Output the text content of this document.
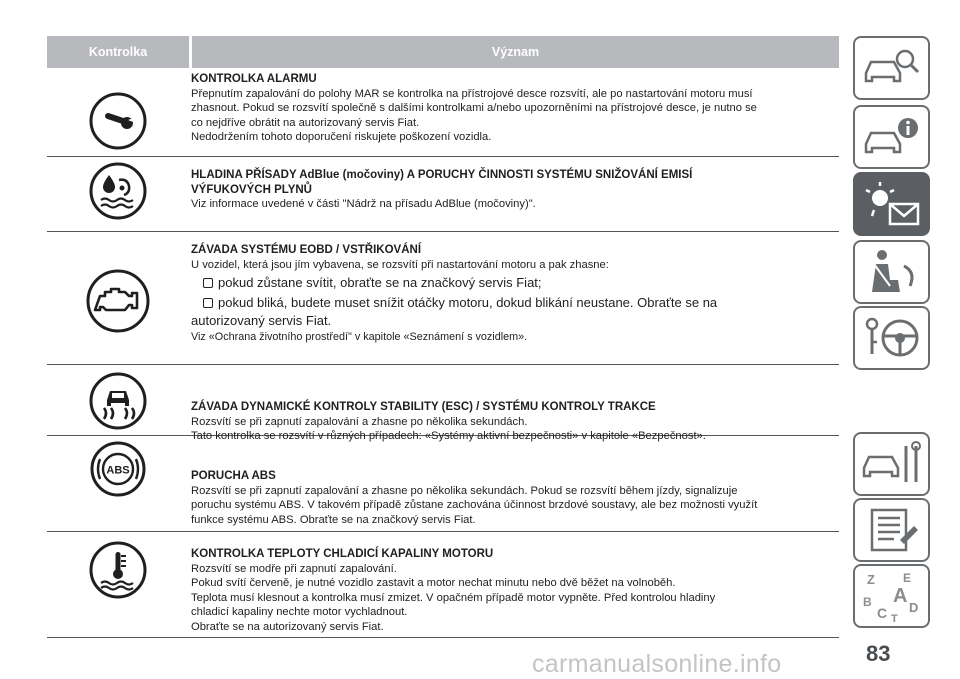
Kontrolka	Význam
KONTROLKA ALARMU
Přepnutím zapalování do polohy MAR se kontrolka na přístrojové desce rozsvítí, ale po nastartování motoru musí
zhasnout. Pokud se rozsvítí společně s dalšími kontrolkami a/nebo upozorněními na přístrojové desce, je nutno se
co nejdříve obrátit na autorizovaný servis Fiat.
Nedodržením tohoto doporučení riskujete poškození vozidla.
HLADINA PŘÍSADY AdBlue (močoviny) A PORUCHY ČINNOSTI SYSTÉMU SNIŽOVÁNÍ EMISÍ
VÝFUKOVÝCH PLYNŮ
Viz informace uvedené v části "Nádrž na přísadu AdBlue (močoviny)".
ZÁVADA SYSTÉMU EOBD / VSTŘIKOVÁNÍ
U vozidel, která jsou jím vybavena, se rozsvítí při nastartování motoru a pak zhasne:
pokud zůstane svítit, obraťte se na značkový servis Fiat;
pokud bliká, budete muset snížit otáčky motoru, dokud blikání neustane. Obraťte se na
autorizovaný servis Fiat.
Viz «Ochrana životního prostředí" v kapitole «Seznámení s vozidlem».
ZÁVADA DYNAMICKÉ KONTROLY STABILITY (ESC) / SYSTÉMU KONTROLY TRAKCE
Rozsvítí se při zapnutí zapalování a zhasne po několika sekundách.
Tato kontrolka se rozsvítí v různých případech: «Systémy aktivní bezpečnosti» v kapitole «Bezpečnost».
ABS	PORUCHA ABS
Rozsvítí se při zapnutí zapalování a zhasne po několika sekundách. Pokud se rozsvítí během jízdy, signalizuje
poruchu systému ABS. V takovém případě zůstane zachována účinnost brzdové soustavy, ale bez možnosti využít
funkce systému ABS. Obraťte se na značkový servis Fiat.
KONTROLKA TEPLOTY CHLADICÍ KAPALINY MOTORU
Rozsvítí se modře při zapnutí zapalování.
Pokud svítí červeně, je nutné vozidlo zastavit a motor nechat minutu nebo dvě běžet na volnoběh.
Teplota musí klesnout a kontrolka musí zmizet. V opačném případě motor vypněte. Před kontrolou hladiny
chladicí kapaliny nechte motor vychladnout.
Obraťte se na autorizovaný servis Fiat.
Z E
A
B
C D
T
83
carmanualsonline.info
